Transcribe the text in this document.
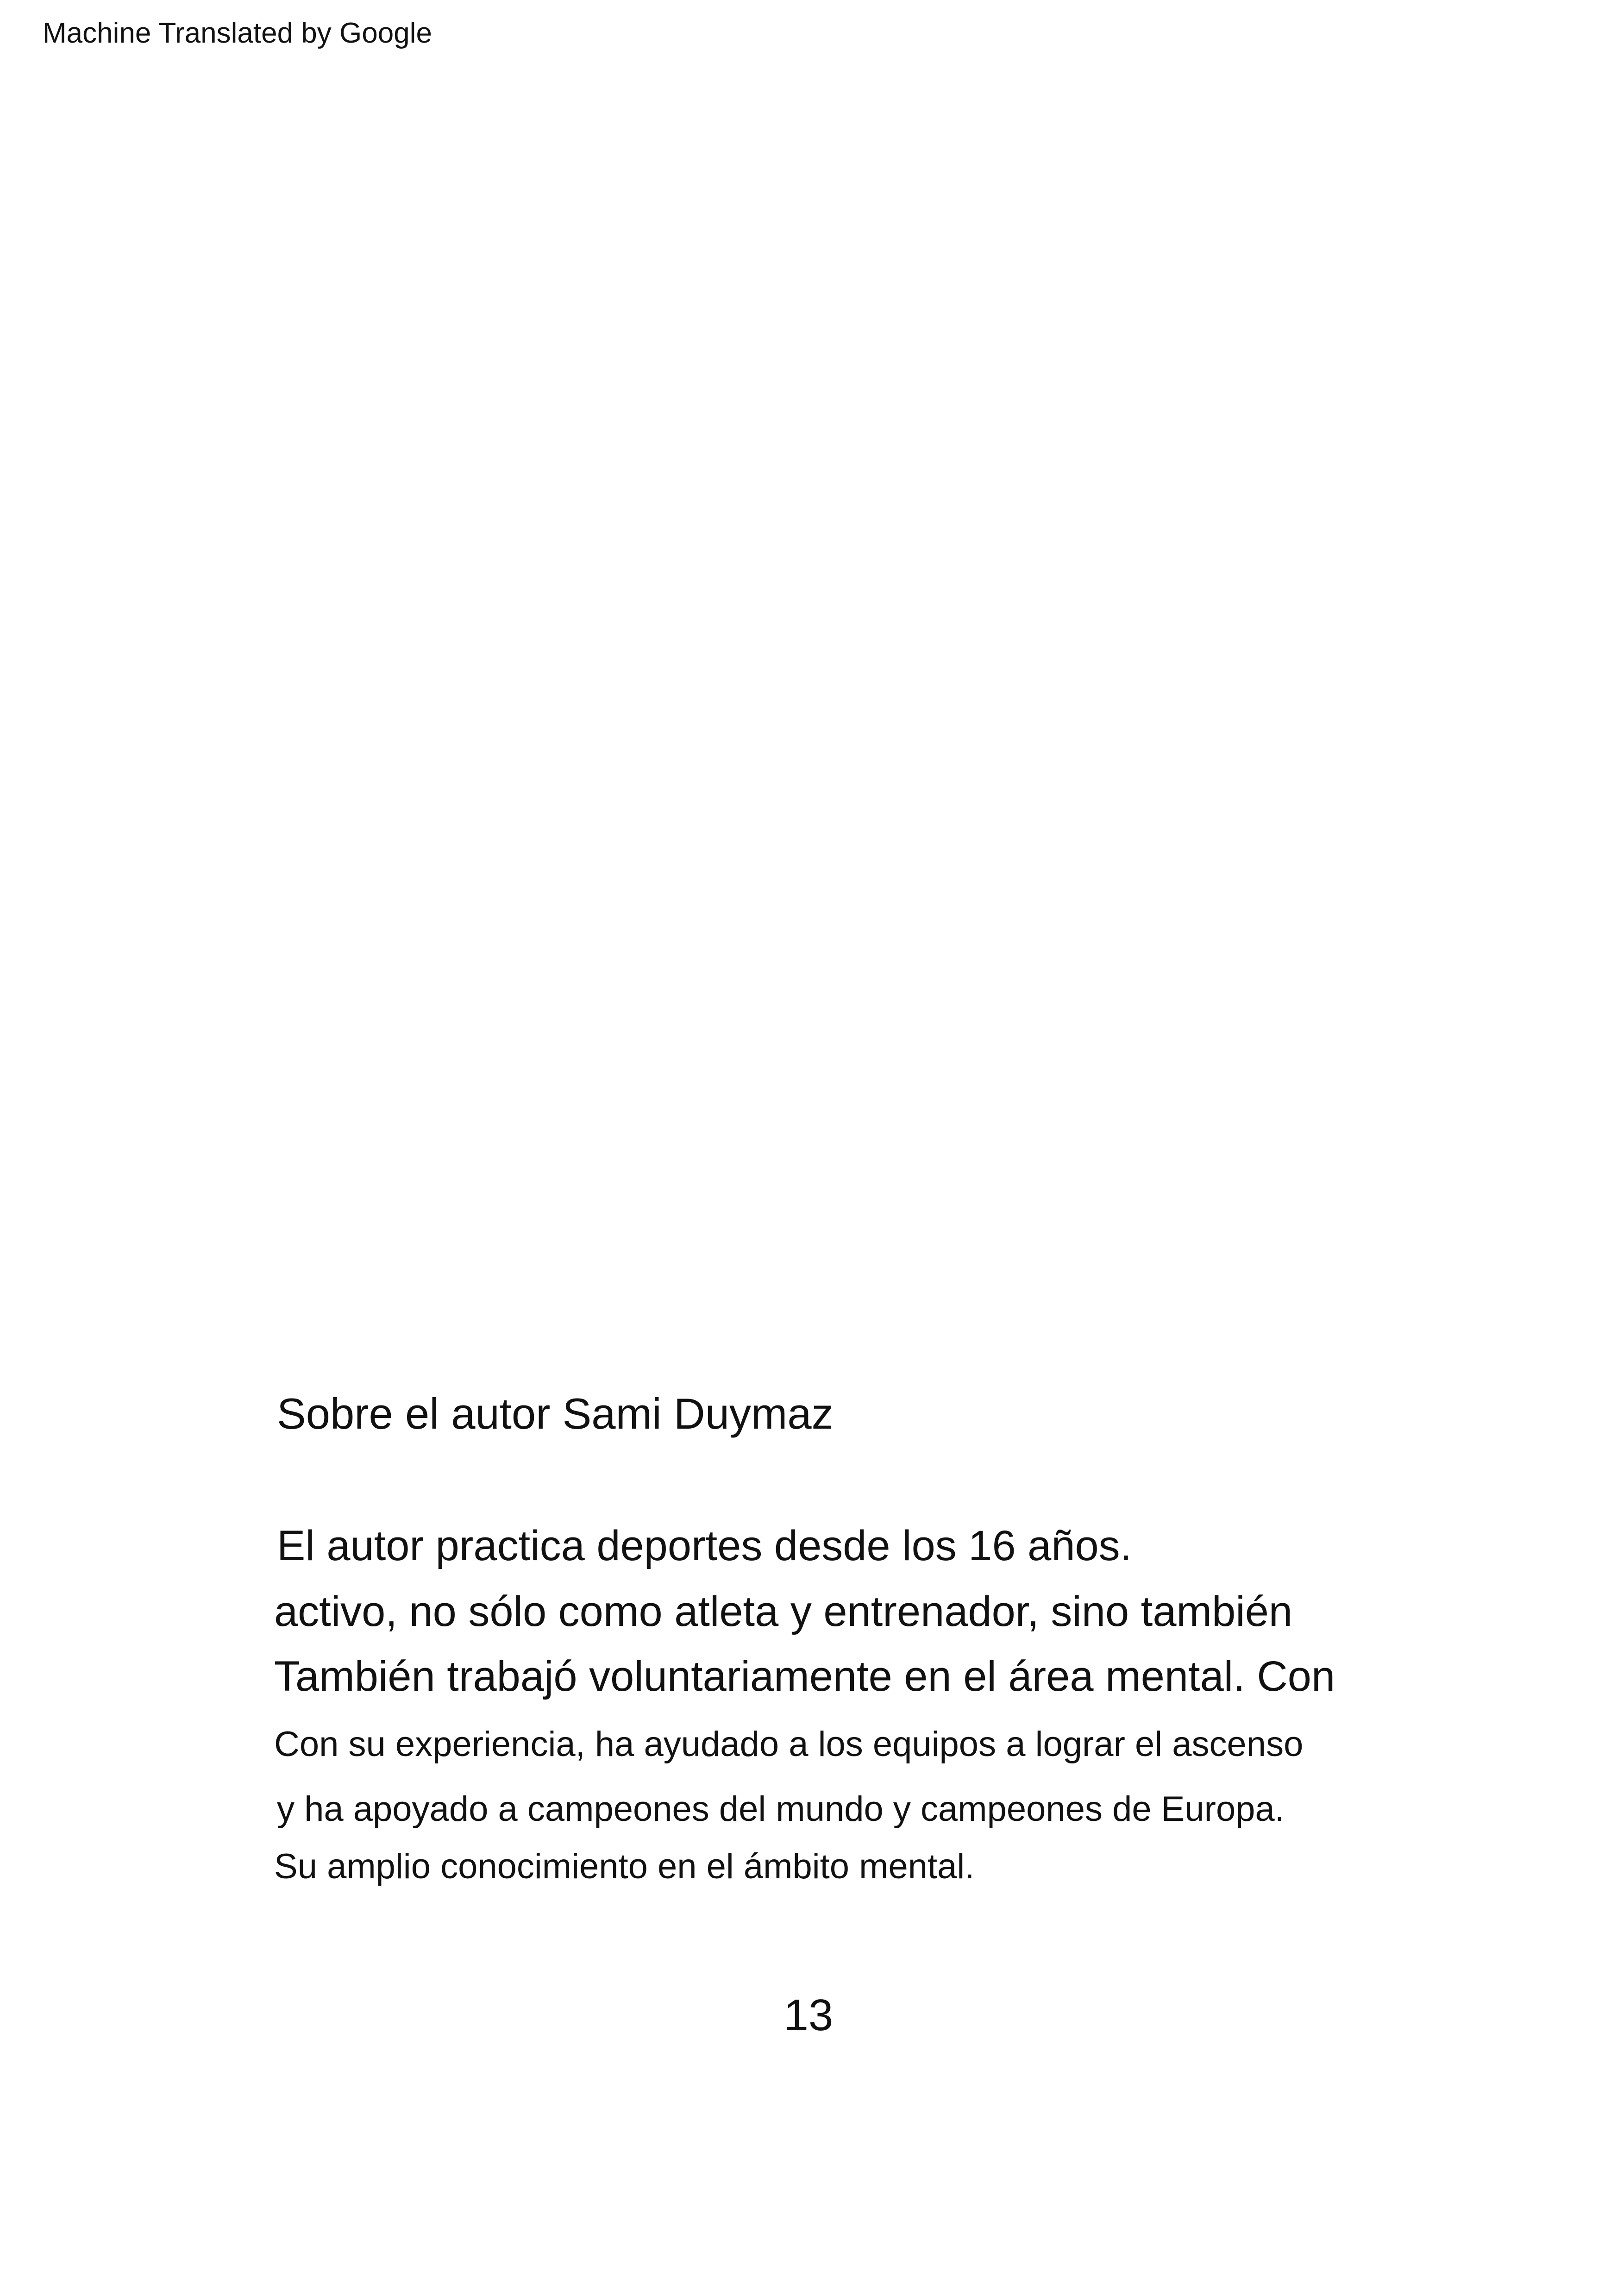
Machine Translated by Google
Sobre el autor Sami Duymaz
El autor practica deportes desde los 16 años.
activo, no sólo como atleta y entrenador, sino también
También trabajó voluntariamente en el área mental. Con
Con su experiencia, ha ayudado a los equipos a lograr el ascenso
y ha apoyado a campeones del mundo y campeones de Europa.
Su amplio conocimiento en el ámbito mental.
13
